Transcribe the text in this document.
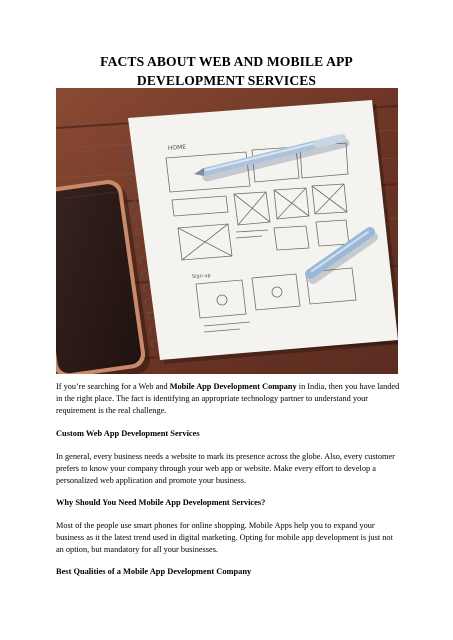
FACTS ABOUT WEB AND MOBILE APP
DEVELOPMENT SERVICES
HOME
Sign up

If you’re searching for a Web and Mobile App Development Company in India, then you have landed in the right place. The fact is identifying an appropriate technology partner to understand your requirement is the real challenge.

Custom Web App Development Services

In general, every business needs a website to mark its presence across the globe. Also, every customer prefers to know your company through your web app or website. Make every effort to develop a personalized web application and promote your business.

Why Should You Need Mobile App Development Services?

Most of the people use smart phones for online shopping. Mobile Apps help you to expand your business as it the latest trend used in digital marketing. Opting for mobile app development is just not an option, but mandatory for all your businesses.

Best Qualities of a Mobile App Development Company
